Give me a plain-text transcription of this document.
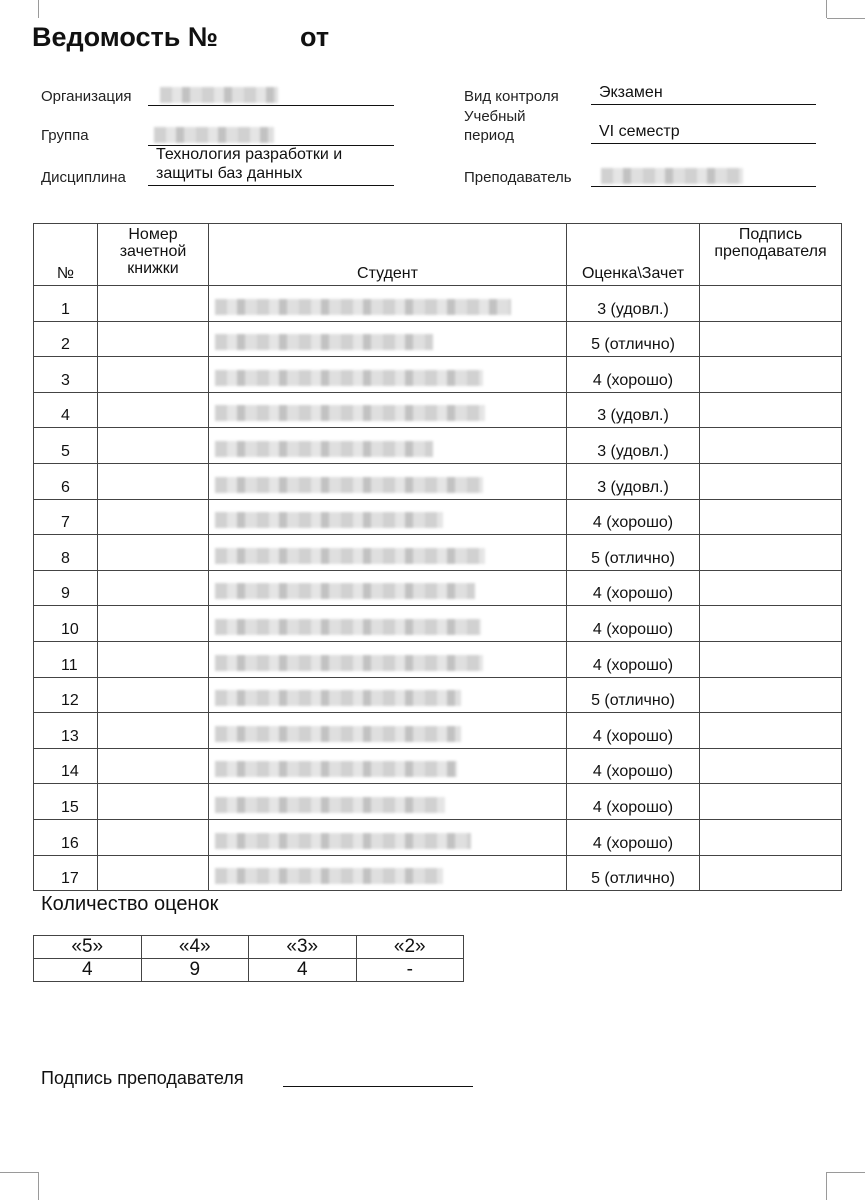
Ведомость №	от
Организация
Группа
Дисциплина
Технология разработки и защиты баз данных
Вид контроля	Экзамен
Учебный период	VI семестр
Преподаватель
№	Номер зачетной книжки	Студент	Оценка\Зачет	Подпись преподавателя
1			3 (удовл.)	
2			5 (отлично)	
3			4 (хорошо)	
4			3 (удовл.)	
5			3 (удовл.)	
6			3 (удовл.)	
7			4 (хорошо)	
8			5 (отлично)	
9			4 (хорошо)	
10			4 (хорошо)	
11			4 (хорошо)	
12			5 (отлично)	
13			4 (хорошо)	
14			4 (хорошо)	
15			4 (хорошо)	
16			4 (хорошо)	
17			5 (отлично)	
Количество оценок
«5»	«4»	«3»	«2»
4	9	4	-
Подпись преподавателя
